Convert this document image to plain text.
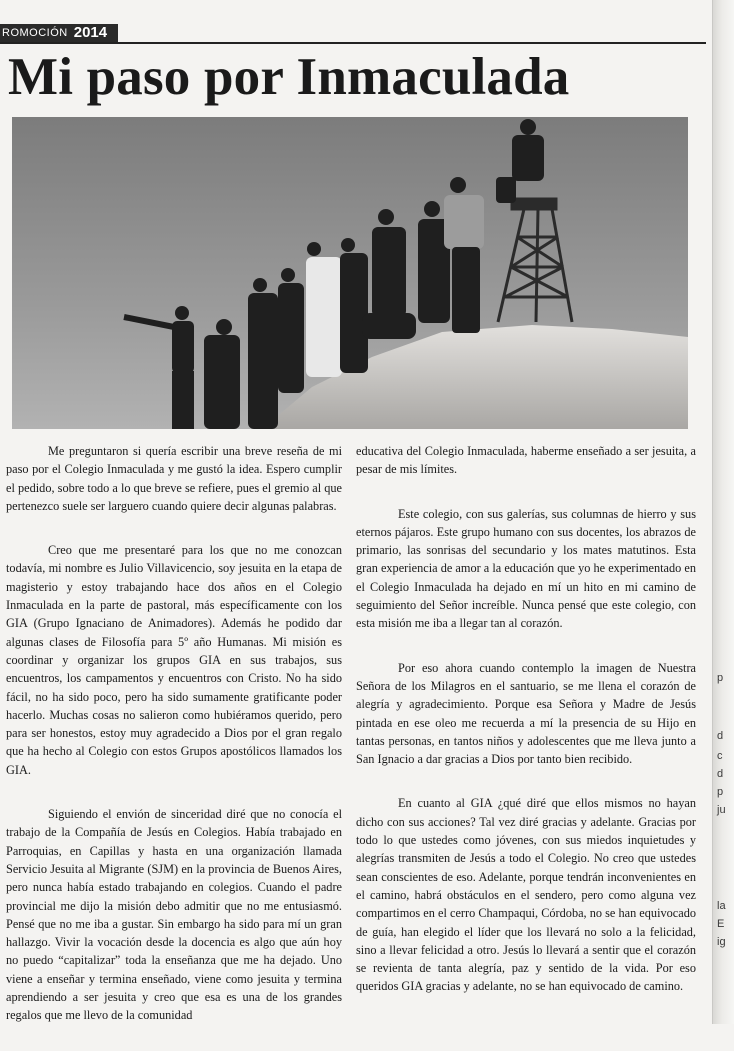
ROMOCIÓN 2014
Mi paso por Inmaculada

Me preguntaron si quería escribir una breve reseña de mi paso por el Colegio Inmaculada y me gustó la idea. Espero cumplir el pedido, sobre todo a lo que breve se refiere, pues el gremio al que pertenezco suele ser larguero cuando quiere decir algunas palabras.

Creo que me presentaré para los que no me conozcan todavía, mi nombre es Julio Villavicencio, soy jesuita en la etapa de magisterio y estoy trabajando hace dos años en el Colegio Inmaculada en la parte de pastoral, más específicamente con los GIA (Grupo Ignaciano de Animadores). Además he podido dar algunas clases de Filosofía para 5º año Humanas. Mi misión es coordinar y organizar los grupos GIA en sus trabajos, sus encuentros, los campamentos y encuentros con Cristo. No ha sido fácil, no ha sido poco, pero ha sido sumamente gratificante poder hacerlo. Muchas cosas no salieron como hubiéramos querido, pero para ser honestos, estoy muy agradecido a Dios por el gran regalo que ha hecho al Colegio con estos Grupos apostólicos llamados los GIA.

Siguiendo el envión de sinceridad diré que no conocía el trabajo de la Compañía de Jesús en Colegios. Había trabajado en Parroquias, en Capillas y hasta en una organización llamada Servicio Jesuita al Migrante (SJM) en la provincia de Buenos Aires, pero nunca había estado trabajando en colegios. Cuando el padre provincial me dijo la misión debo admitir que no me entusiasmó. Pensé que no me iba a gustar. Sin embargo ha sido para mí un gran hallazgo. Vivir la vocación desde la docencia es algo que aún hoy no puedo “capitalizar” toda la enseñanza que me ha dejado. Uno viene a enseñar y termina enseñado, viene como jesuita y termina aprendiendo a ser jesuita y creo que esa es una de los grandes regalos que me llevo de la comunidad

educativa del Colegio Inmaculada, haberme enseñado a ser jesuita, a pesar de mis límites.

Este colegio, con sus galerías, sus columnas de hierro y sus eternos pájaros. Este grupo humano con sus docentes, los abrazos de primario, las sonrisas del secundario y los mates matutinos. Esta gran experiencia de amor a la educación que yo he experimentado en el Colegio Inmaculada ha dejado en mí un hito en mi camino de seguimiento del Señor increíble. Nunca pensé que este colegio, con esta misión me iba a llegar tan al corazón.

Por eso ahora cuando contemplo la imagen de Nuestra Señora de los Milagros en el santuario, se me llena el corazón de alegría y agradecimiento. Porque esa Señora y Madre de Jesús pintada en ese oleo me recuerda a mí la presencia de su Hijo en tantas personas, en tantos niños y adolescentes que me lleva junto a San Ignacio a dar gracias a Dios por tanto bien recibido.

En cuanto al GIA ¿qué diré que ellos mismos no hayan dicho con sus acciones? Tal vez diré gracias y adelante. Gracias por todo lo que ustedes como jóvenes, con sus miedos inquietudes y alegrías transmiten de Jesús a todo el Colegio. No creo que ustedes sean conscientes de eso. Adelante, porque tendrán inconvenientes en el camino, habrá obstáculos en el sendero, pero como alguna vez compartimos en el cerro Champaqui, Córdoba, no se han equivocado de guía, han elegido el líder que los llevará no solo a la felicidad, sino a llevar felicidad a otro. Jesús lo llevará a sentir que el corazón se revienta de tanta alegría, paz y sentido de la vida. Por eso queridos GIA gracias y adelante, no se han equivocado de camino.

p
d
c
d
p
ju
la
E
ig
